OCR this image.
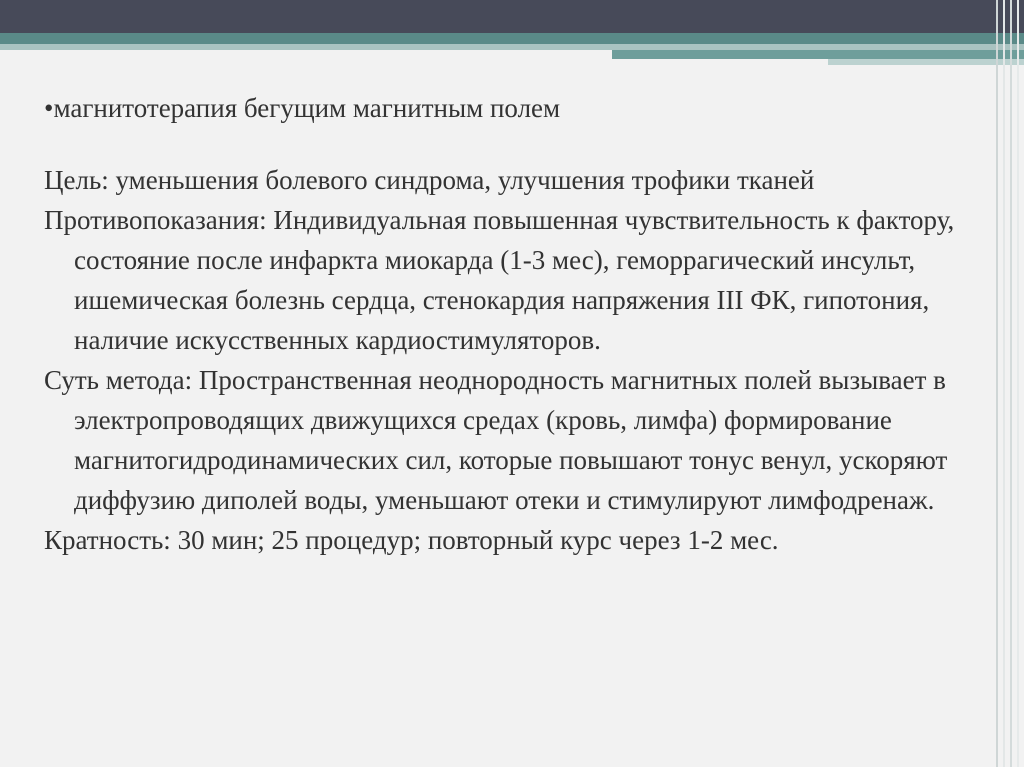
•магнитотерапия бегущим магнитным полем

Цель: уменьшения болевого синдрома, улучшения трофики тканей

Противопоказания: Индивидуальная повышенная чувствительность к фактору, состояние после инфаркта миокарда (1-3 мес), геморрагический инсульт, ишемическая болезнь сердца, стенокардия напряжения III ФК, гипотония, наличие искусственных кардиостимуляторов.

Суть метода: Пространственная неоднородность магнитных полей вызывает в электропроводящих движущихся средах (кровь, лимфа) формирование магнитогидродинамических сил, которые повышают тонус венул, ускоряют диффузию диполей воды, уменьшают отеки и стимулируют лимфодренаж.

Кратность: 30 мин; 25 процедур; повторный курс через 1-2 мес.
